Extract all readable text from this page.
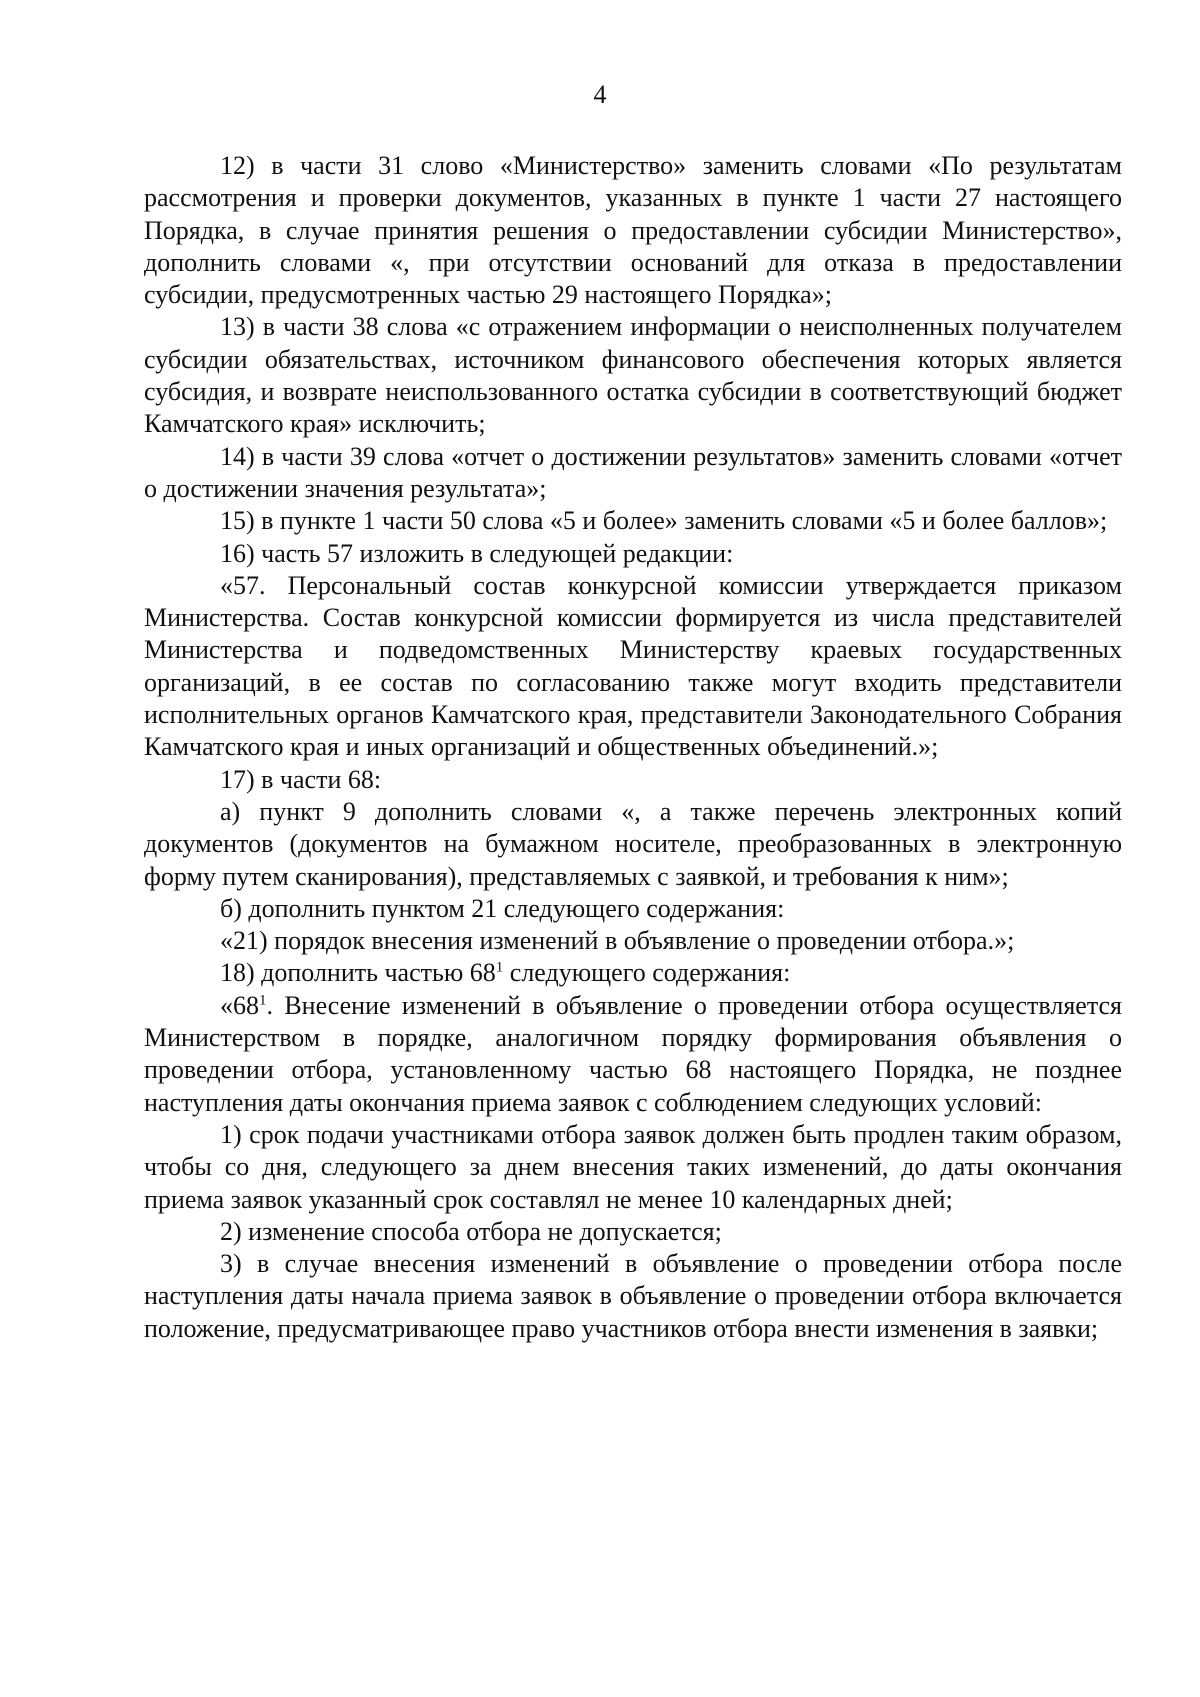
4

12) в части 31 слово «Министерство» заменить словами «По результатам рассмотрения и проверки документов, указанных в пункте 1 части 27 настоящего Порядка, в случае принятия решения о предоставлении субсидии Министерство», дополнить словами «, при отсутствии оснований для отказа в предоставлении субсидии, предусмотренных частью 29 настоящего Порядка»;

13) в части 38 слова «с отражением информации о неисполненных получателем субсидии обязательствах, источником финансового обеспечения которых является субсидия, и возврате неиспользованного остатка субсидии в соответствующий бюджет Камчатского края» исключить;

14) в части 39 слова «отчет о достижении результатов» заменить словами «отчет о достижении значения результата»;

15) в пункте 1 части 50 слова «5 и более» заменить словами «5 и более баллов»;

16) часть 57 изложить в следующей редакции:

«57. Персональный состав конкурсной комиссии утверждается приказом Министерства. Состав конкурсной комиссии формируется из числа представителей Министерства и подведомственных Министерству краевых государственных организаций, в ее состав по согласованию также могут входить представители исполнительных органов Камчатского края, представители Законодательного Собрания Камчатского края и иных организаций и общественных объединений.»;

17) в части 68:

а) пункт 9 дополнить словами «, а также перечень электронных копий документов (документов на бумажном носителе, преобразованных в электронную форму путем сканирования), представляемых с заявкой, и требования к ним»;

б) дополнить пунктом 21 следующего содержания:

«21) порядок внесения изменений в объявление о проведении отбора.»;

18) дополнить частью $68^1$ следующего содержания:

«$68^1$. Внесение изменений в объявление о проведении отбора осуществляется Министерством в порядке, аналогичном порядку формирования объявления о проведении отбора, установленному частью 68 настоящего Порядка, не позднее наступления даты окончания приема заявок с соблюдением следующих условий:

1) срок подачи участниками отбора заявок должен быть продлен таким образом, чтобы со дня, следующего за днем внесения таких изменений, до даты окончания приема заявок указанный срок составлял не менее 10 календарных дней;

2) изменение способа отбора не допускается;

3) в случае внесения изменений в объявление о проведении отбора после наступления даты начала приема заявок в объявление о проведении отбора включается положение, предусматривающее право участников отбора внести изменения в заявки;
